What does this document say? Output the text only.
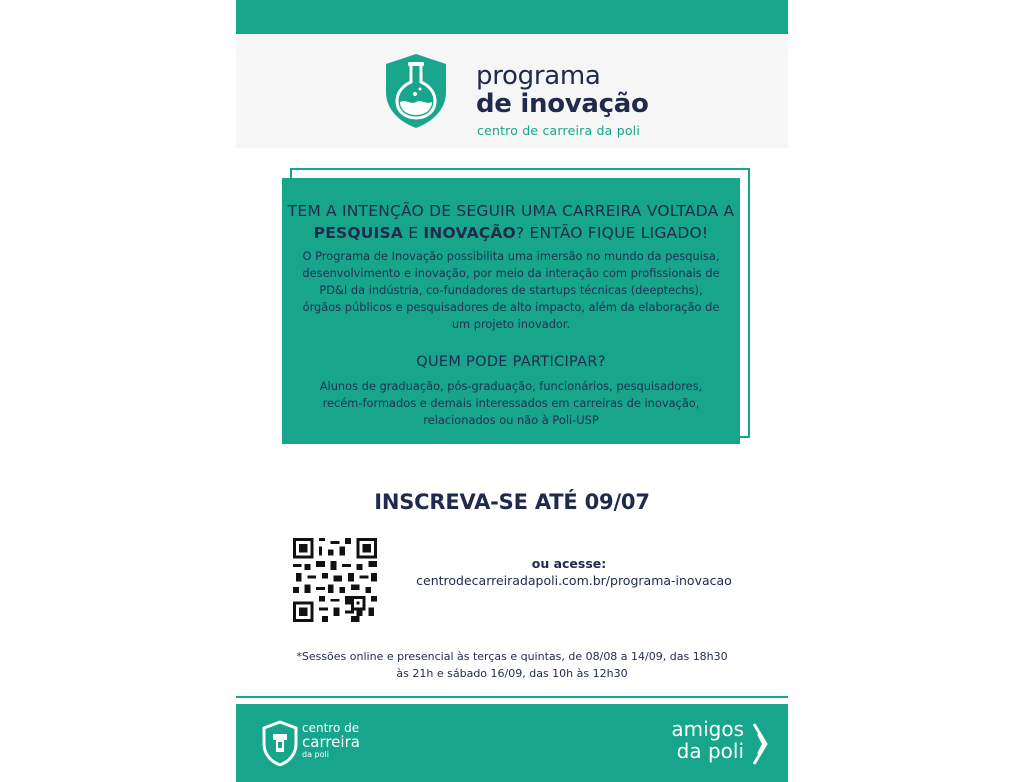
programa
de inovação
centro de carreira da poli
TEM A INTENÇÃO DE SEGUIR UMA CARREIRA VOLTADA A
PESQUISA E INOVAÇÃO? ENTÃO FIQUE LIGADO!
O Programa de Inovação possibilita uma imersão no mundo da pesquisa, desenvolvimento e inovação, por meio da interação com profissionais de PD&I da indústria, co-fundadores de startups técnicas (deeptechs), órgãos públicos e pesquisadores de alto impacto, além da elaboração de um projeto inovador.
QUEM PODE PARTICIPAR?
Alunos de graduação, pós-graduação, funcionários, pesquisadores, recém-formados e demais interessados em carreiras de inovação, relacionados ou não à Poli-USP
INSCREVA-SE ATÉ 09/07
ou acesse:
centrodecarreiradapoli.com.br/programa-inovacao
*Sessões online e presencial às terças e quintas, de 08/08 a 14/09, das 18h30 às 21h e sábado 16/09, das 10h às 12h30
centro de
carreira
da poli
amigos
da poli
